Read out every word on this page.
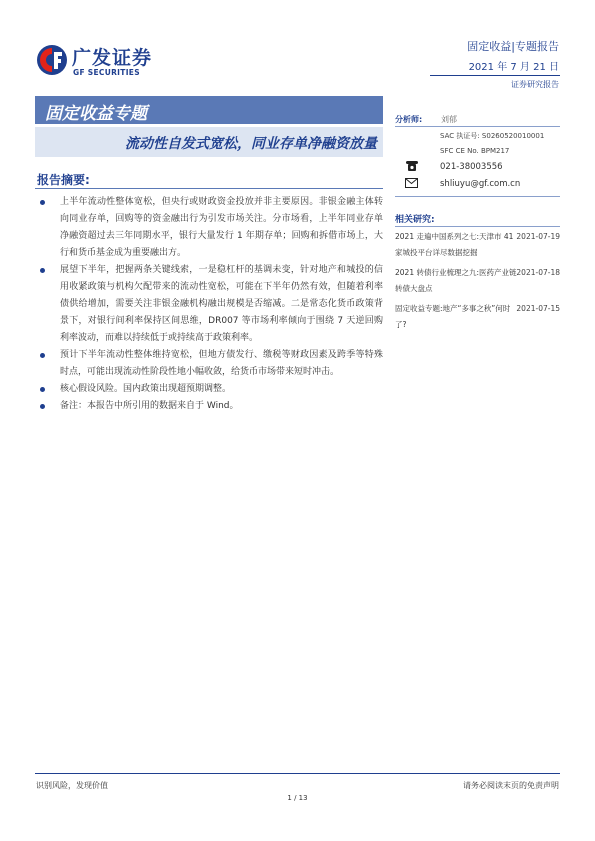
广发证券
GF SECURITIES
固定收益|专题报告
2021 年 7 月 21 日
证券研究报告
固定收益专题
流动性自发式宽松，同业存单净融资放量
报告摘要:
上半年流动性整体宽松，但央行或财政资金投放并非主要原因。非银金融主体转向同业存单，回购等的资金融出行为引发市场关注。分市场看，上半年同业存单净融资超过去三年同期水平，银行大量发行 1 年期存单；回购和拆借市场上，大行和货币基金成为重要融出方。
展望下半年，把握两条关键线索，一是稳杠杆的基调未变，针对地产和城投的信用收紧政策与机构欠配带来的流动性宽松，可能在下半年仍然有效，但随着利率债供给增加，需要关注非银金融机构融出规模是否缩减。二是常态化货币政策背景下，对银行间利率保持区间思维，DR007 等市场利率倾向于围绕 7 天逆回购利率波动，而难以持续低于或持续高于政策利率。
预计下半年流动性整体维持宽松，但地方债发行、缴税等财政因素及跨季等特殊时点，可能出现流动性阶段性地小幅收敛，给货币市场带来短时冲击。
核心假设风险。国内政策出现超预期调整。
备注：本报告中所引用的数据来自于 Wind。
分析师: 刘郁
SAC 执证号: S0260520010001
SFC CE No. BPM217
021-38003556
shliuyu@gf.com.cn
相关研究:
2021 走遍中国系列之七:天津市 41 家城投平台详尽数据挖掘
2021-07-19
2021 转债行业梳理之九:医药产业链转债大盘点
2021-07-18
固定收益专题:地产“多事之秋”何时了?
2021-07-15
识别风险，发现价值	请务必阅读末页的免责声明
1 / 13
